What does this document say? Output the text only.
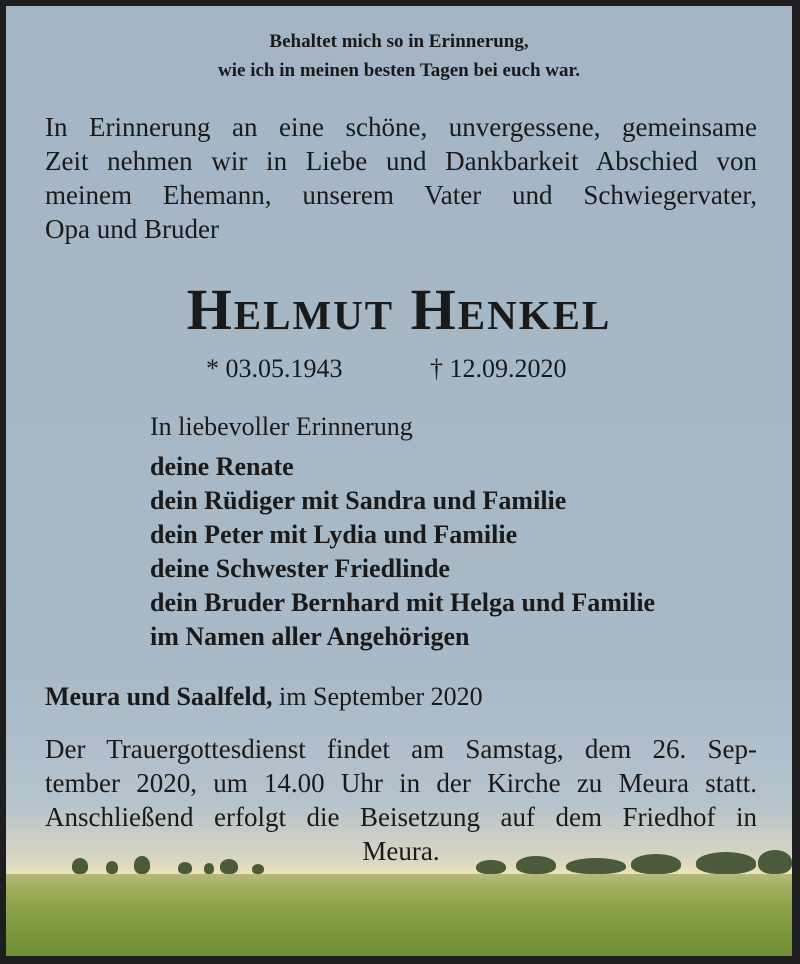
Behaltet mich so in Erinnerung,
wie ich in meinen besten Tagen bei euch war.
In Erinnerung an eine schöne, unvergessene, gemeinsame
Zeit nehmen wir in Liebe und Dankbarkeit Abschied von
meinem Ehemann, unserem Vater und Schwiegervater,
Opa und Bruder
Helmut Henkel
* 03.05.1943	† 12.09.2020
In liebevoller Erinnerung
deine Renate
dein Rüdiger mit Sandra und Familie
dein Peter mit Lydia und Familie
deine Schwester Friedlinde
dein Bruder Bernhard mit Helga und Familie
im Namen aller Angehörigen
Meura und Saalfeld, im September 2020
Der Trauergottesdienst findet am Samstag, dem 26. Sep-
tember 2020, um 14.00 Uhr in der Kirche zu Meura statt.
Anschließend erfolgt die Beisetzung auf dem Friedhof in
Meura.
